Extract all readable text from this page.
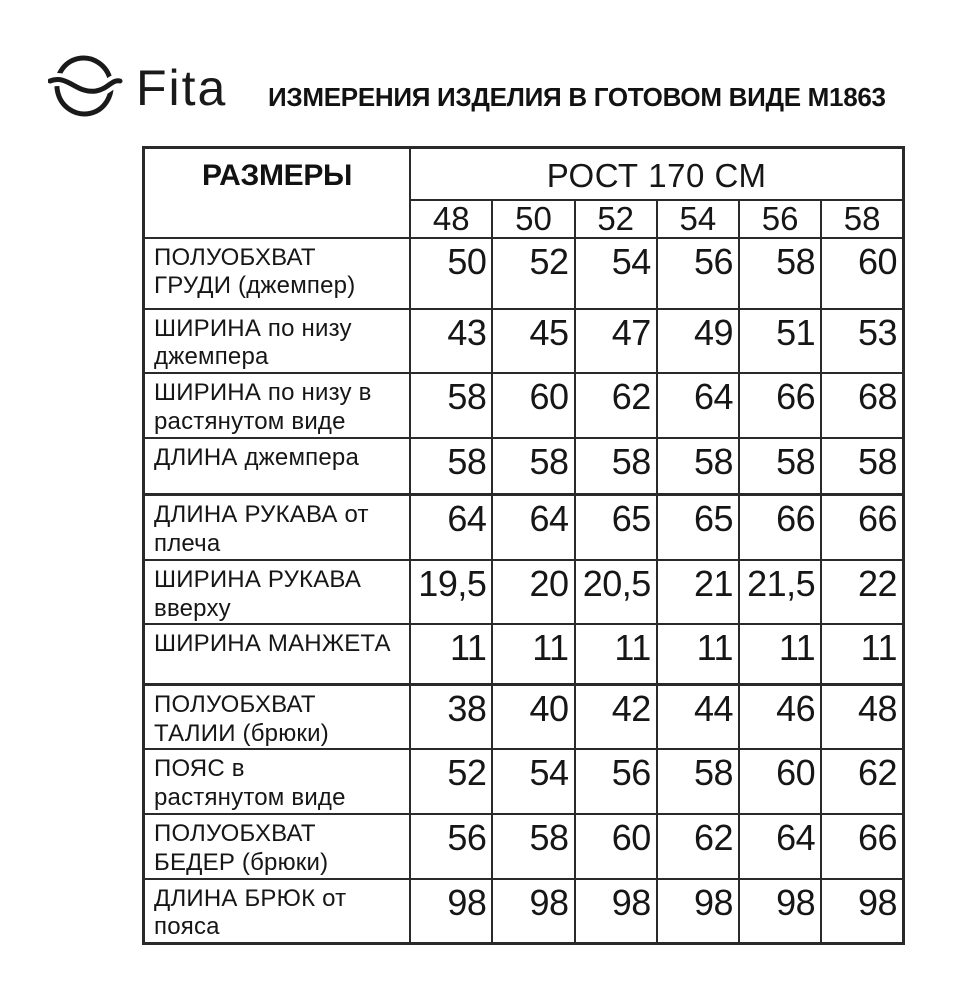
Fita ИЗМЕРЕНИЯ ИЗДЕЛИЯ В ГОТОВОМ ВИДЕ М1863
РАЗМЕРЫ	РОСТ 170 СМ					
	48	50	52	54	56	58
ПОЛУОБХВАТ
ГРУДИ (джемпер)	50	52	54	56	58	60
ШИРИНА по низу
джемпера	43	45	47	49	51	53
ШИРИНА по низу в
растянутом виде	58	60	62	64	66	68
ДЛИНА джемпера	58	58	58	58	58	58
ДЛИНА РУКАВА от
плеча	64	64	65	65	66	66
ШИРИНА РУКАВА
вверху	19,5	20	20,5	21	21,5	22
ШИРИНА МАНЖЕТА	11	11	11	11	11	11
ПОЛУОБХВАТ
ТАЛИИ (брюки)	38	40	42	44	46	48
ПОЯС в
растянутом виде	52	54	56	58	60	62
ПОЛУОБХВАТ
БЕДЕР (брюки)	56	58	60	62	64	66
ДЛИНА БРЮК от
пояса	98	98	98	98	98	98
